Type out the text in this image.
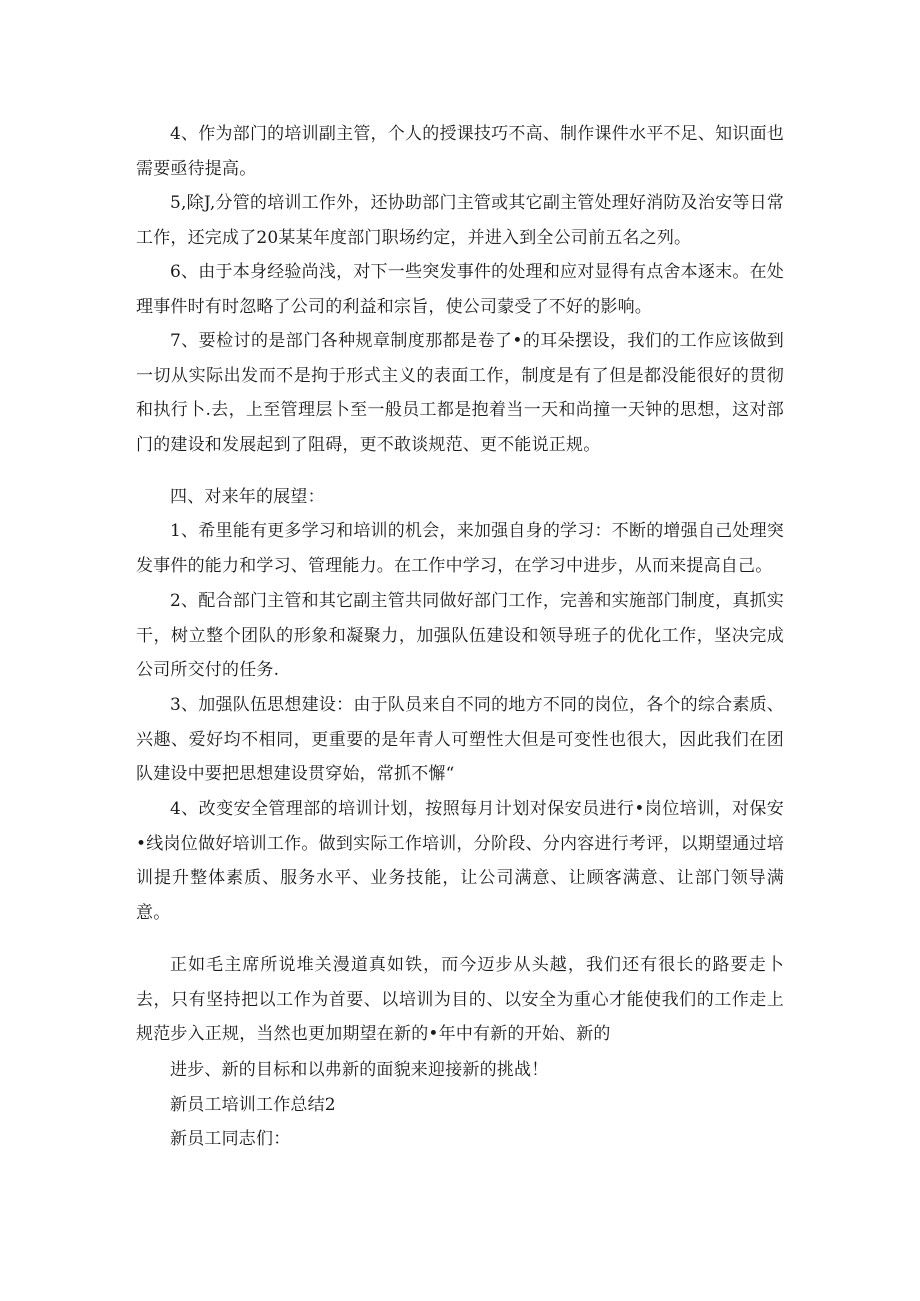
4、作为部门的培训副主管，个人的授课技巧不高、制作课件水平不足、知识面也需要亟待提高。

5,除J,分管的培训工作外，还协助部门主管或其它副主管处理好消防及治安等日常工作，还完成了20某某年度部门职场约定，并进入到全公司前五名之列。

6、由于本身经验尚浅，对下一些突发事件的处理和应对显得有点舍本逐末。在处理事件时有时忽略了公司的利益和宗旨，使公司蒙受了不好的影响。

7、要检讨的是部门各种规章制度那都是卷了•的耳朵摆设，我们的工作应该做到一切从实际出发而不是拘于形式主义的表面工作，制度是有了但是都没能很好的贯彻和执行卜.去，上至管理层卜至一般员工都是抱着当一天和尚撞一天钟的思想，这对部门的建设和发展起到了阻碍，更不敢谈规范、更不能说正规。

四、对来年的展望：

1、希里能有更多学习和培训的机会，来加强自身的学习：不断的增强自己处理突发事件的能力和学习、管理能力。在工作中学习，在学习中进步，从而来提高自己。

2、配合部门主管和其它副主管共同做好部门工作，完善和实施部门制度，真抓实干，树立整个团队的形象和凝聚力，加强队伍建设和领导班子的优化工作，坚决完成公司所交付的任务.

3、加强队伍思想建设：由于队员来自不同的地方不同的岗位，各个的综合素质、兴趣、爱好均不相同，更重要的是年青人可塑性大但是可变性也很大，因此我们在团队建设中要把思想建设贯穿始，常抓不懈“

4、改变安全管理部的培训计划，按照每月计划对保安员进行•岗位培训，对保安•线岗位做好培训工作。做到实际工作培训，分阶段、分内容进行考评，以期望通过培训提升整体素质、服务水平、业务技能，让公司满意、让顾客满意、让部门领导满意。

正如毛主席所说堆关漫道真如铁，而今迈步从头越，我们还有很长的路要走卜去，只有坚持把以工作为首要、以培训为目的、以安全为重心才能使我们的工作走上规范步入正规，当然也更加期望在新的•年中有新的开始、新的

进步、新的目标和以弗新的面貌来迎接新的挑战！

新员工培训工作总结2

新员工同志们：
